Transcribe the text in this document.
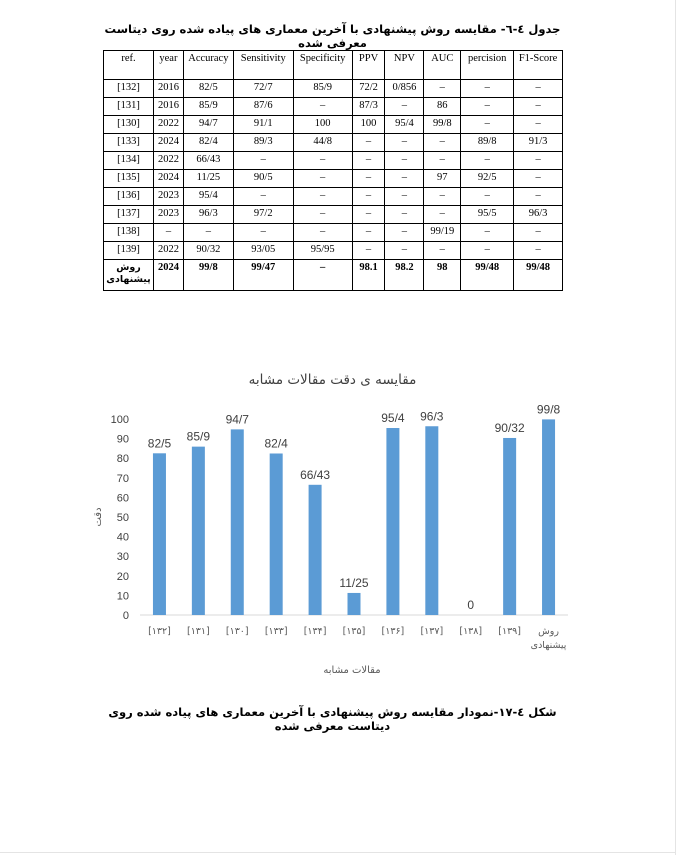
جدول ٤-٦- مقایسه روش پیشنهادی با آخرین معماری های پیاده شده روی دیتاست معرفی شده
ref.	year	Accuracy	Sensitivity	Specificity	PPV	NPV	AUC	percision	F1-Score
[132]	2016	82/5	72/7	85/9	72/2	0/856	–	–	–
[131]	2016	85/9	87/6	–	87/3	–	86	–	–
[130]	2022	94/7	91/1	100	100	95/4	99/8	–	–
[133]	2024	82/4	89/3	44/8	–	–	–	89/8	91/3
[134]	2022	66/43	–	–	–	–	–	–	–
[135]	2024	11/25	90/5	–	–	–	97	92/5	–
[136]	2023	95/4	–	–	–	–	–	–	–
[137]	2023	96/3	97/2	–	–	–	–	95/5	96/3
[138]	–	–	–	–	–	–	99/19	–	–
[139]	2022	90/32	93/05	95/95	–	–	–	–	–
روش پیشنهادی	2024	99/8	99/47	–	98.1	98.2	98	99/48	99/48
مقایسه ی دقت مقالات مشابه
0
10
20
30
40
50
60
70
80
90
100
82/5 85/9
94/7
82/4
66/43
11/25
95/4 96/3
0
90/32
99/8
[۱۳۲] [۱۳۱] [۱۳۰] [۱۳۳] [۱۳۴] [۱۳۵] [۱۳۶] [۱۳۷] [۱۳۸] [۱۳۹]	روش پیشنهادی
دقت
مقالات مشابه
شکل ٤-١٧-نمودار مقایسه روش پیشنهادی با آخرین معماری های پیاده شده روی دیتاست معرفی شده
